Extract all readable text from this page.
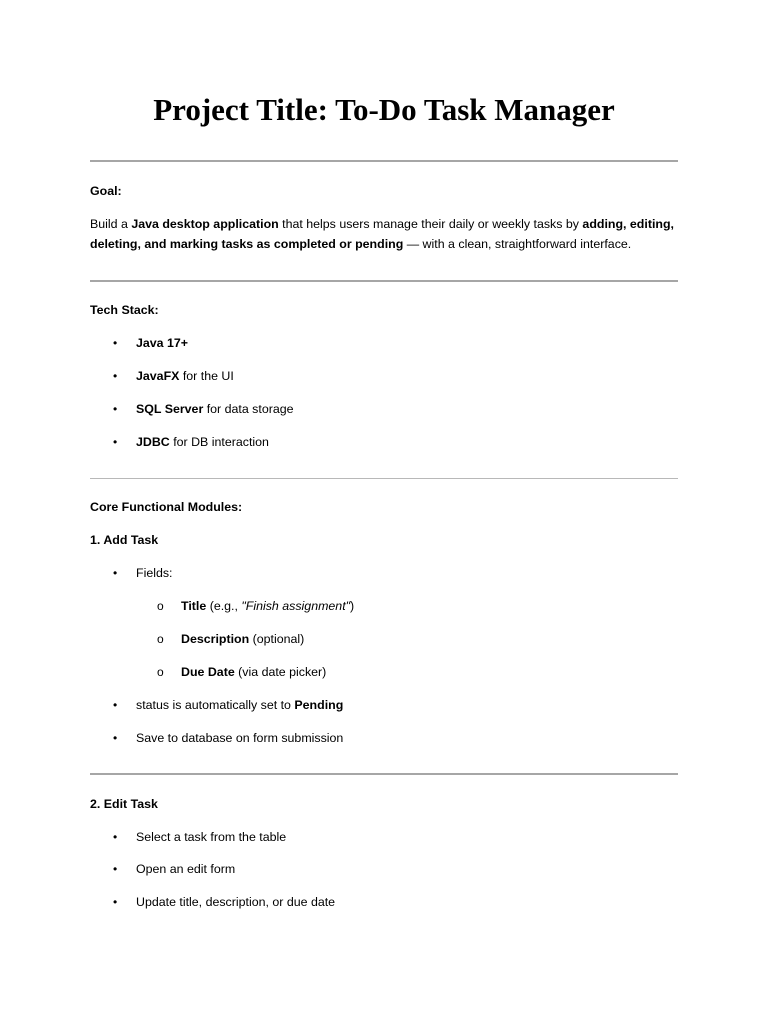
Project Title: To-Do Task Manager

Goal:

Build a Java desktop application that helps users manage their daily or weekly tasks by adding, editing,

deleting, and marking tasks as completed or pending — with a clean, straightforward interface.

Tech Stack:

•	Java 17+
•	JavaFX for the UI
•	SQL Server for data storage
•	JDBC for DB interaction

Core Functional Modules:

1. Add Task

•	Fields:
o Title (e.g., "Finish assignment")
o Description (optional)
o Due Date (via date picker)
•	status is automatically set to Pending
•	Save to database on form submission

2. Edit Task

•	Select a task from the table
•	Open an edit form
•	Update title, description, or due date
